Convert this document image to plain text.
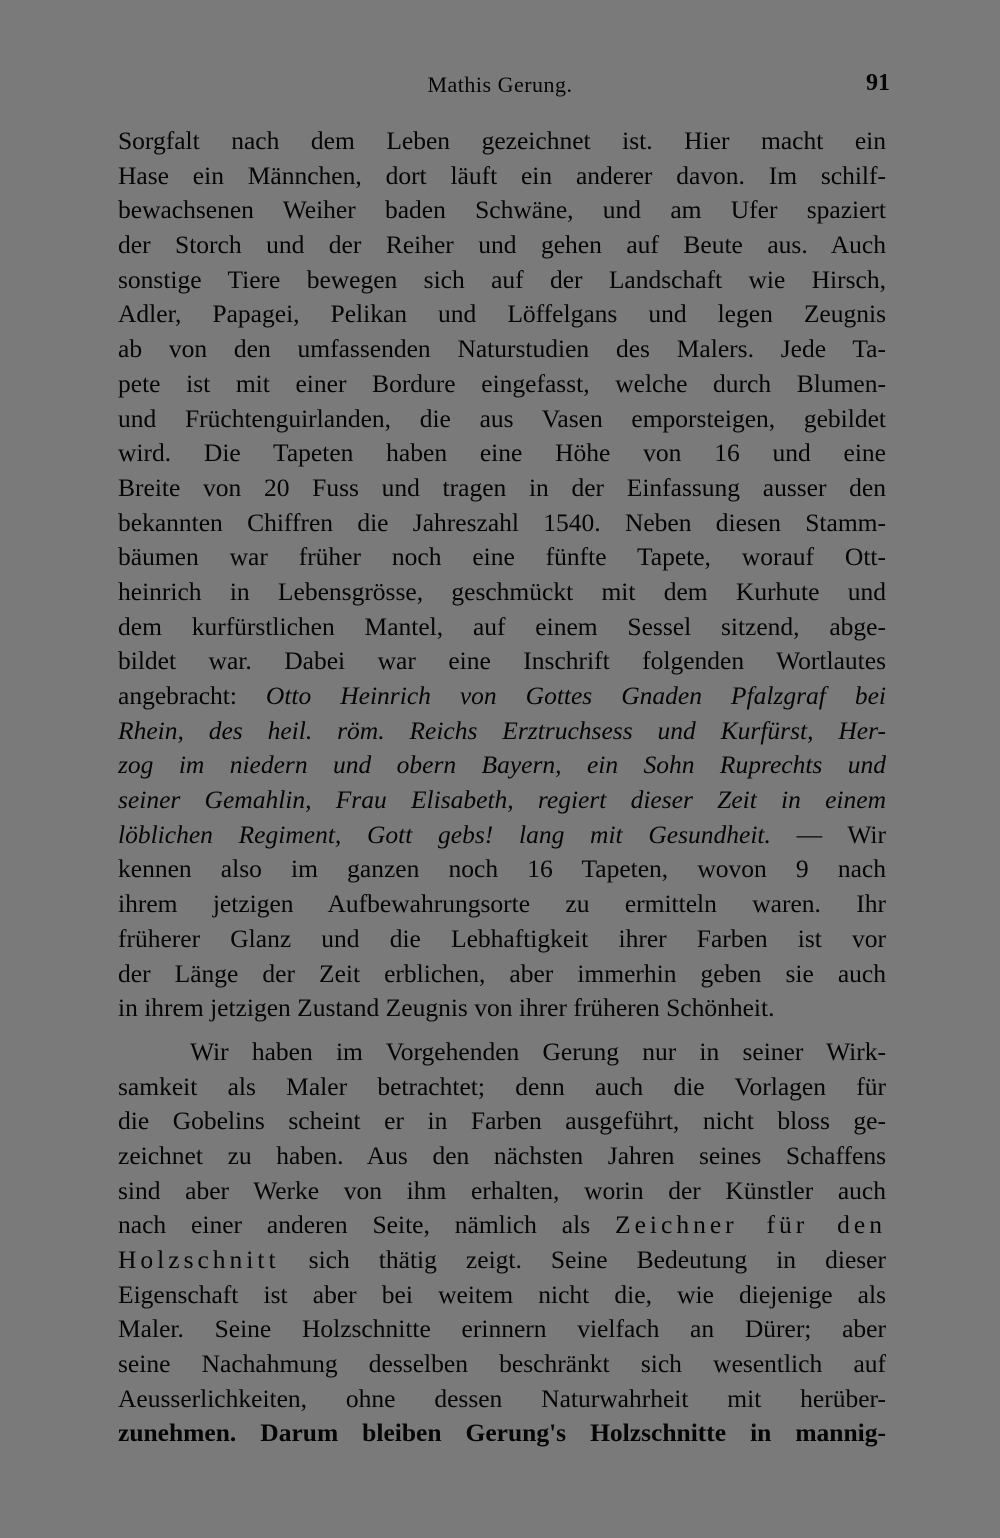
Mathis Gerung.	91
Sorgfalt nach dem Leben gezeichnet ist. Hier macht ein
Hase ein Männchen, dort läuft ein anderer davon. Im schilf-
bewachsenen Weiher baden Schwäne, und am Ufer spaziert
der Storch und der Reiher und gehen auf Beute aus. Auch
sonstige Tiere bewegen sich auf der Landschaft wie Hirsch,
Adler, Papagei, Pelikan und Löffelgans und legen Zeugnis
ab von den umfassenden Naturstudien des Malers. Jede Ta-
pete ist mit einer Bordure eingefasst, welche durch Blumen-
und Früchtenguirlanden, die aus Vasen emporsteigen, gebildet
wird. Die Tapeten haben eine Höhe von 16 und eine
Breite von 20 Fuss und tragen in der Einfassung ausser den
bekannten Chiffren die Jahreszahl 1540. Neben diesen Stamm-
bäumen war früher noch eine fünfte Tapete, worauf Ott-
heinrich in Lebensgrösse, geschmückt mit dem Kurhute und
dem kurfürstlichen Mantel, auf einem Sessel sitzend, abge-
bildet war. Dabei war eine Inschrift folgenden Wortlautes
angebracht: Otto Heinrich von Gottes Gnaden Pfalzgraf bei
Rhein, des heil. röm. Reichs Erztruchsess und Kurfürst, Her-
zog im niedern und obern Bayern, ein Sohn Ruprechts und
seiner Gemahlin, Frau Elisabeth, regiert dieser Zeit in einem
löblichen Regiment, Gott gebs! lang mit Gesundheit. — Wir
kennen also im ganzen noch 16 Tapeten, wovon 9 nach
ihrem jetzigen Aufbewahrungsorte zu ermitteln waren. Ihr
früherer Glanz und die Lebhaftigkeit ihrer Farben ist vor
der Länge der Zeit erblichen, aber immerhin geben sie auch
in ihrem jetzigen Zustand Zeugnis von ihrer früheren Schönheit.
Wir haben im Vorgehenden Gerung nur in seiner Wirk-
samkeit als Maler betrachtet; denn auch die Vorlagen für
die Gobelins scheint er in Farben ausgeführt, nicht bloss ge-
zeichnet zu haben. Aus den nächsten Jahren seines Schaffens
sind aber Werke von ihm erhalten, worin der Künstler auch
nach einer anderen Seite, nämlich als Zeichner für den
Holzschnitt sich thätig zeigt. Seine Bedeutung in dieser
Eigenschaft ist aber bei weitem nicht die, wie diejenige als
Maler. Seine Holzschnitte erinnern vielfach an Dürer; aber
seine Nachahmung desselben beschränkt sich wesentlich auf
Aeusserlichkeiten, ohne dessen Naturwahrheit mit herüber-
zunehmen. Darum bleiben Gerung's Holzschnitte in mannig-
